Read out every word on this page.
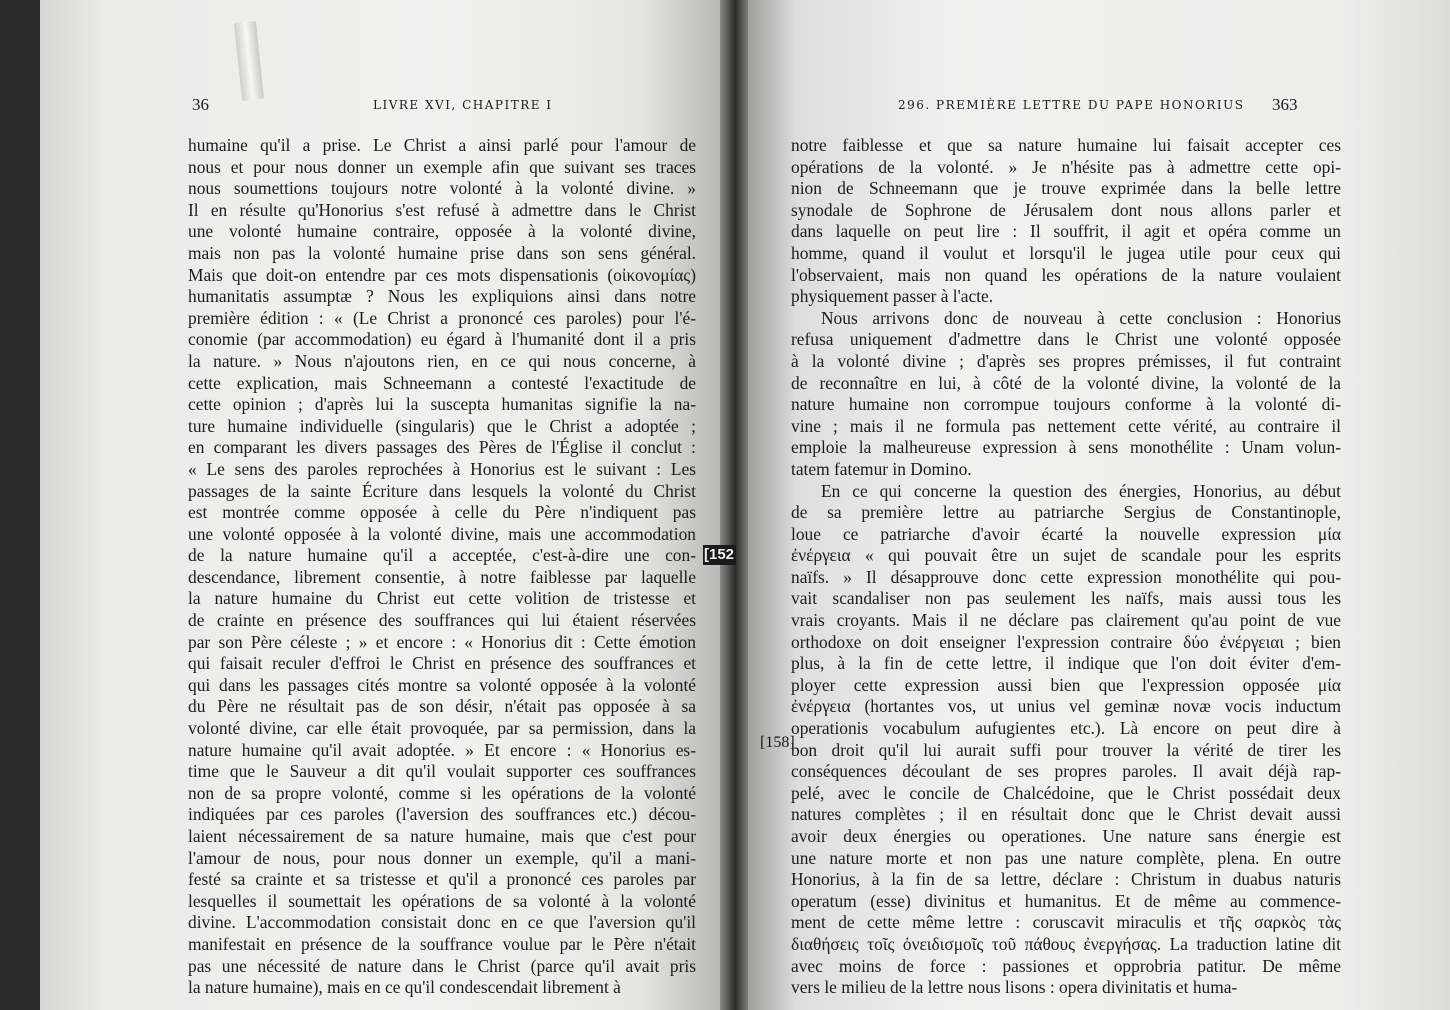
36	LIVRE XVI, CHAPITRE I
humaine qu'il a prise. Le Christ a ainsi parlé pour l'amour de
nous et pour nous donner un exemple afin que suivant ses traces
nous soumettions toujours notre volonté à la volonté divine. »
Il en résulte qu'Honorius s'est refusé à admettre dans le Christ
une volonté humaine contraire, opposée à la volonté divine,
mais non pas la volonté humaine prise dans son sens général.
Mais que doit-on entendre par ces mots dispensationis (οἰκονομίας)
humanitatis assumptæ ? Nous les expliquions ainsi dans notre
première édition : « (Le Christ a prononcé ces paroles) pour l'é-
conomie (par accommodation) eu égard à l'humanité dont il a pris
la nature. » Nous n'ajoutons rien, en ce qui nous concerne, à
cette explication, mais Schneemann a contesté l'exactitude de
cette opinion ; d'après lui la suscepta humanitas signifie la na-
ture humaine individuelle (singularis) que le Christ a adoptée ;
en comparant les divers passages des Pères de l'Église il conclut :
« Le sens des paroles reprochées à Honorius est le suivant : Les
passages de la sainte Écriture dans lesquels la volonté du Christ
est montrée comme opposée à celle du Père n'indiquent pas
une volonté opposée à la volonté divine, mais une accommodation
de la nature humaine qu'il a acceptée, c'est-à-dire une con-
descendance, librement consentie, à notre faiblesse par laquelle
la nature humaine du Christ eut cette volition de tristesse et
de crainte en présence des souffrances qui lui étaient réservées
par son Père céleste ; » et encore : « Honorius dit : Cette émotion
qui faisait reculer d'effroi le Christ en présence des souffrances et
qui dans les passages cités montre sa volonté opposée à la volonté
du Père ne résultait pas de son désir, n'était pas opposée à sa
volonté divine, car elle était provoquée, par sa permission, dans la
nature humaine qu'il avait adoptée. » Et encore : « Honorius es-
time que le Sauveur a dit qu'il voulait supporter ces souffrances
non de sa propre volonté, comme si les opérations de la volonté
indiquées par ces paroles (l'aversion des souffrances etc.) décou-
laient nécessairement de sa nature humaine, mais que c'est pour
l'amour de nous, pour nous donner un exemple, qu'il a mani-
festé sa crainte et sa tristesse et qu'il a prononcé ces paroles par
lesquelles il soumettait les opérations de sa volonté à la volonté
divine. L'accommodation consistait donc en ce que l'aversion qu'il
manifestait en présence de la souffrance voulue par le Père n'était
pas une nécessité de nature dans le Christ (parce qu'il avait pris
la nature humaine), mais en ce qu'il condescendait librement à
[152
296. PREMIÈRE LETTRE DU PAPE HONORIUS 363
notre faiblesse et que sa nature humaine lui faisait accepter ces
opérations de la volonté. » Je n'hésite pas à admettre cette opi-
nion de Schneemann que je trouve exprimée dans la belle lettre
synodale de Sophrone de Jérusalem dont nous allons parler et
dans laquelle on peut lire : Il souffrit, il agit et opéra comme un
homme, quand il voulut et lorsqu'il le jugea utile pour ceux qui
l'observaient, mais non quand les opérations de la nature voulaient
physiquement passer à l'acte.
Nous arrivons donc de nouveau à cette conclusion : Honorius
refusa uniquement d'admettre dans le Christ une volonté opposée
à la volonté divine ; d'après ses propres prémisses, il fut contraint
de reconnaître en lui, à côté de la volonté divine, la volonté de la
nature humaine non corrompue toujours conforme à la volonté di-
vine ; mais il ne formula pas nettement cette vérité, au contraire il
emploie la malheureuse expression à sens monothélite : Unam volun-
tatem fatemur in Domino.
En ce qui concerne la question des énergies, Honorius, au début
de sa première lettre au patriarche Sergius de Constantinople,
loue ce patriarche d'avoir écarté la nouvelle expression μία
ἐνέργεια « qui pouvait être un sujet de scandale pour les esprits
naïfs. » Il désapprouve donc cette expression monothélite qui pou-
vait scandaliser non pas seulement les naïfs, mais aussi tous les
vrais croyants. Mais il ne déclare pas clairement qu'au point de vue
orthodoxe on doit enseigner l'expression contraire δύο ἐνέργειαι ; bien
plus, à la fin de cette lettre, il indique que l'on doit éviter d'em-
ployer cette expression aussi bien que l'expression opposée μία
ἐνέργεια (hortantes vos, ut unius vel geminæ novæ vocis inductum
operationis vocabulum aufugientes etc.). Là encore on peut dire à
bon droit qu'il lui aurait suffi pour trouver la vérité de tirer les
conséquences découlant de ses propres paroles. Il avait déjà rap-
pelé, avec le concile de Chalcédoine, que le Christ possédait deux
natures complètes ; il en résultait donc que le Christ devait aussi
avoir deux énergies ou operationes. Une nature sans énergie est
une nature morte et non pas une nature complète, plena. En outre
Honorius, à la fin de sa lettre, déclare : Christum in duabus naturis
operatum (esse) divinitus et humanitus. Et de même au commence-
ment de cette même lettre : coruscavit miraculis et τῆς σαρκὸς τὰς
διαθήσεις τοῖς ὀνειδισμοῖς τοῦ πάθους ἐνεργήσας. La traduction latine dit
avec moins de force : passiones et opprobria patitur. De même
vers le milieu de la lettre nous lisons : opera divinitatis et huma-
[158]
